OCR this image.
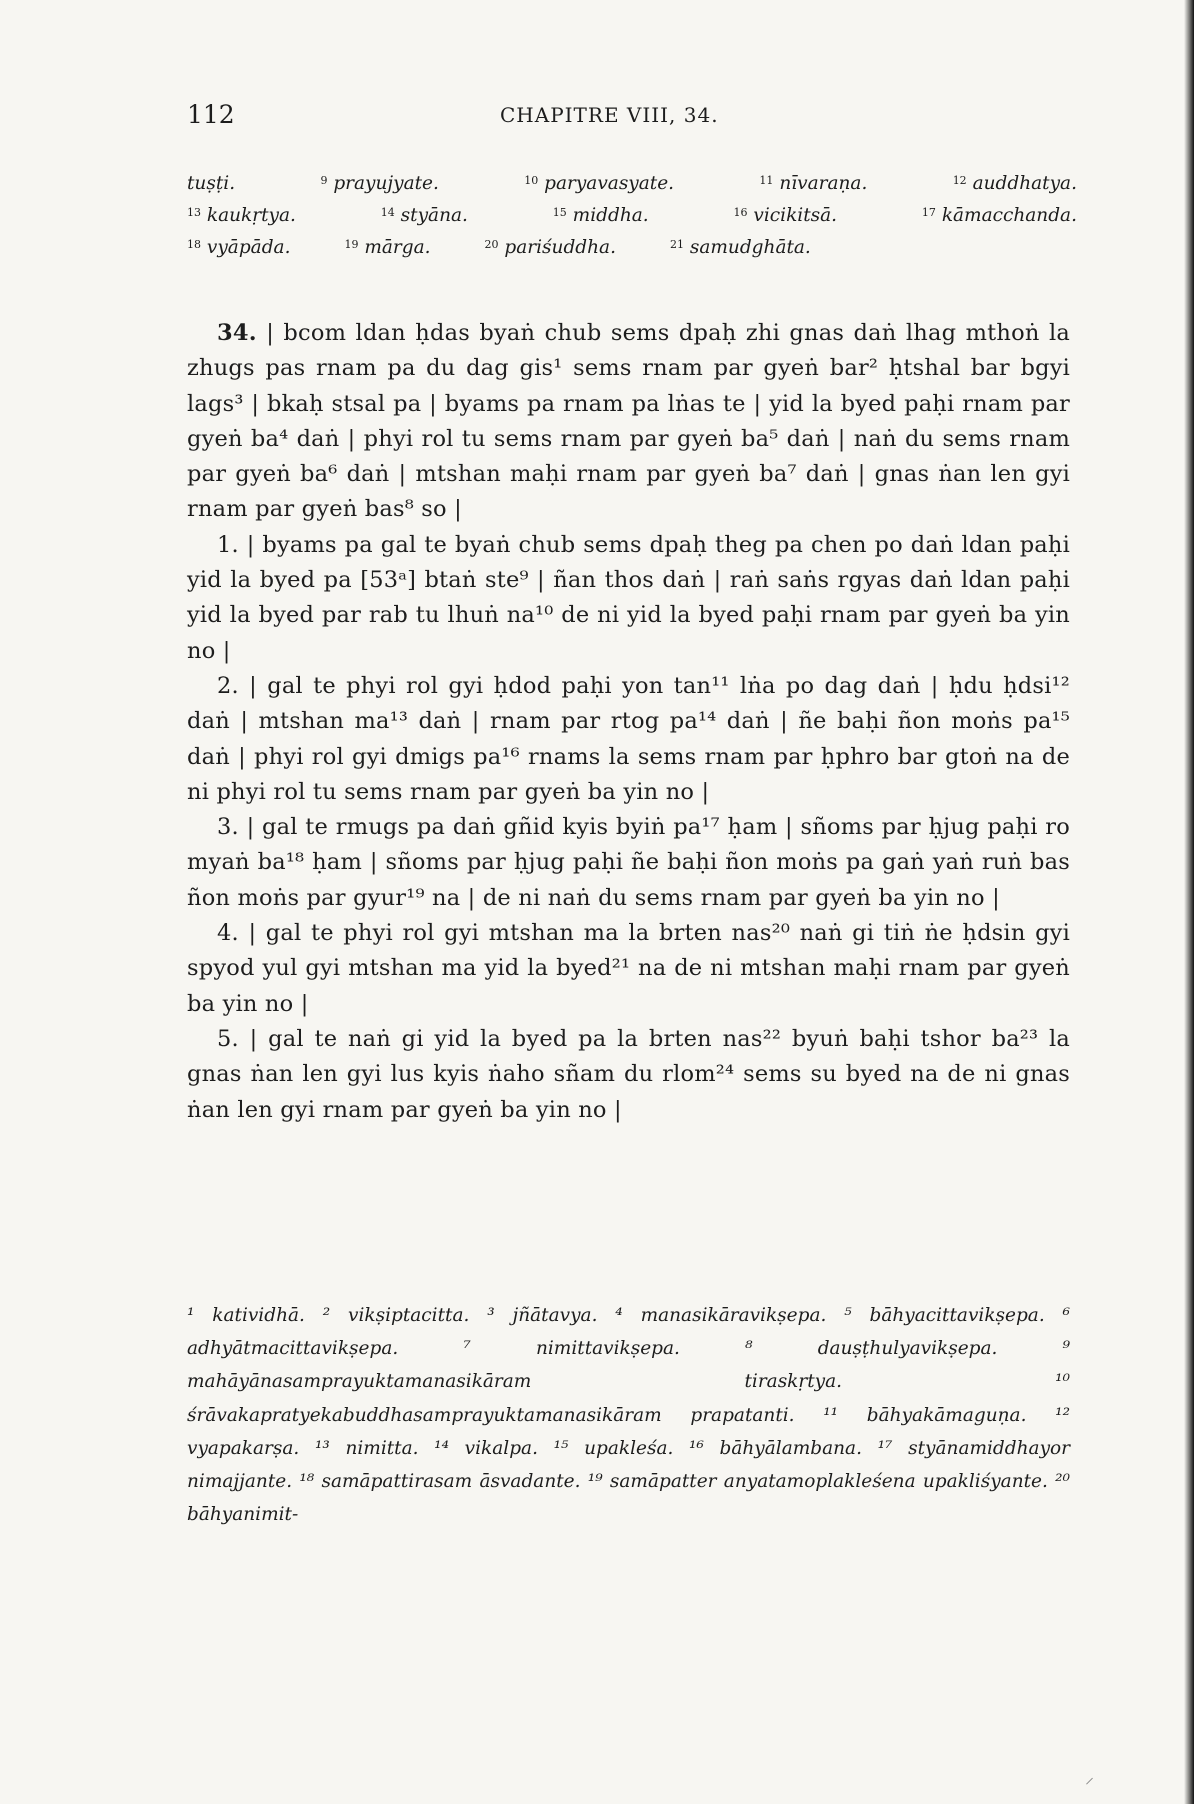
112	CHAPITRE VIII, 34.
tuṣṭi.	$^9$ prayujyate.	$^{10}$ paryavasyate.	$^{11}$ nīvaraṇa.	$^{12}$ auddhatya.
$^{13}$ kaukṛtya.	$^{14}$ styāna.	$^{15}$ middha.	$^{16}$ vicikitsā.	$^{17}$ kāmacchanda.
$^{18}$ vyāpāda.	$^{19}$ mārga.	$^{20}$ pariśuddha.	$^{21}$ samudghāta.

34. | bcom ldan ḥdas byaṅ chub sems dpaḥ zhi gnas daṅ lhag mthoṅ la zhugs pas rnam pa du dag gis¹ sems rnam par gyeṅ bar² ḥtshal bar bgyi lags³ | bkaḥ stsal pa | byams pa rnam pa lṅas te | yid la byed paḥi rnam par gyeṅ ba⁴ daṅ | phyi rol tu sems rnam par gyeṅ ba⁵ daṅ | naṅ du sems rnam par gyeṅ ba⁶ daṅ | mtshan maḥi rnam par gyeṅ ba⁷ daṅ | gnas ṅan len gyi rnam par gyeṅ bas⁸ so |

1. | byams pa gal te byaṅ chub sems dpaḥ theg pa chen po daṅ ldan paḥi yid la byed pa [53ᵃ] btaṅ ste⁹ | ñan thos daṅ | raṅ saṅs rgyas daṅ ldan paḥi yid la byed par rab tu lhuṅ na¹⁰ de ni yid la byed paḥi rnam par gyeṅ ba yin no |

2. | gal te phyi rol gyi ḥdod paḥi yon tan¹¹ lṅa po dag daṅ | ḥdu ḥdsi¹² daṅ | mtshan ma¹³ daṅ | rnam par rtog pa¹⁴ daṅ | ñe baḥi ñon moṅs pa¹⁵ daṅ | phyi rol gyi dmigs pa¹⁶ rnams la sems rnam par ḥphro bar gtoṅ na de ni phyi rol tu sems rnam par gyeṅ ba yin no |

3. | gal te rmugs pa daṅ gñid kyis byiṅ pa¹⁷ ḥam | sñoms par ḥjug paḥi ro myaṅ ba¹⁸ ḥam | sñoms par ḥjug paḥi ñe baḥi ñon moṅs pa gaṅ yaṅ ruṅ bas ñon moṅs par gyur¹⁹ na | de ni naṅ du sems rnam par gyeṅ ba yin no |

4. | gal te phyi rol gyi mtshan ma la brten nas²⁰ naṅ gi tiṅ ṅe ḥdsin gyi spyod yul gyi mtshan ma yid la byed²¹ na de ni mtshan maḥi rnam par gyeṅ ba yin no |

5. | gal te naṅ gi yid la byed pa la brten nas²² byuṅ baḥi tshor ba²³ la gnas ṅan len gyi lus kyis ṅaho sñam du rlom²⁴ sems su byed na de ni gnas ṅan len gyi rnam par gyeṅ ba yin no |

¹ katividhā. ² vikṣiptacitta. ³ jñātavya. ⁴ manasikāravikṣepa. ⁵ bāhyacittavikṣepa. ⁶ adhyātmacittavikṣepa. ⁷ nimittavikṣepa. ⁸ dauṣṭhulyavikṣepa. ⁹ mahāyānasamprayuktamanasikāram tiraskṛtya. ¹⁰ śrāvakapratyekabuddhasamprayuktamanasikāram prapatanti. ¹¹ bāhyakāmaguṇa. ¹² vyapakarṣa. ¹³ nimitta. ¹⁴ vikalpa. ¹⁵ upakleśa. ¹⁶ bāhyālambana. ¹⁷ styānamiddhayor nimajjante. ¹⁸ samāpattirasam āsvadante. ¹⁹ samāpatter anyatamoplakleśena upakliśyante. ²⁰ bāhyanimit-

⸝
